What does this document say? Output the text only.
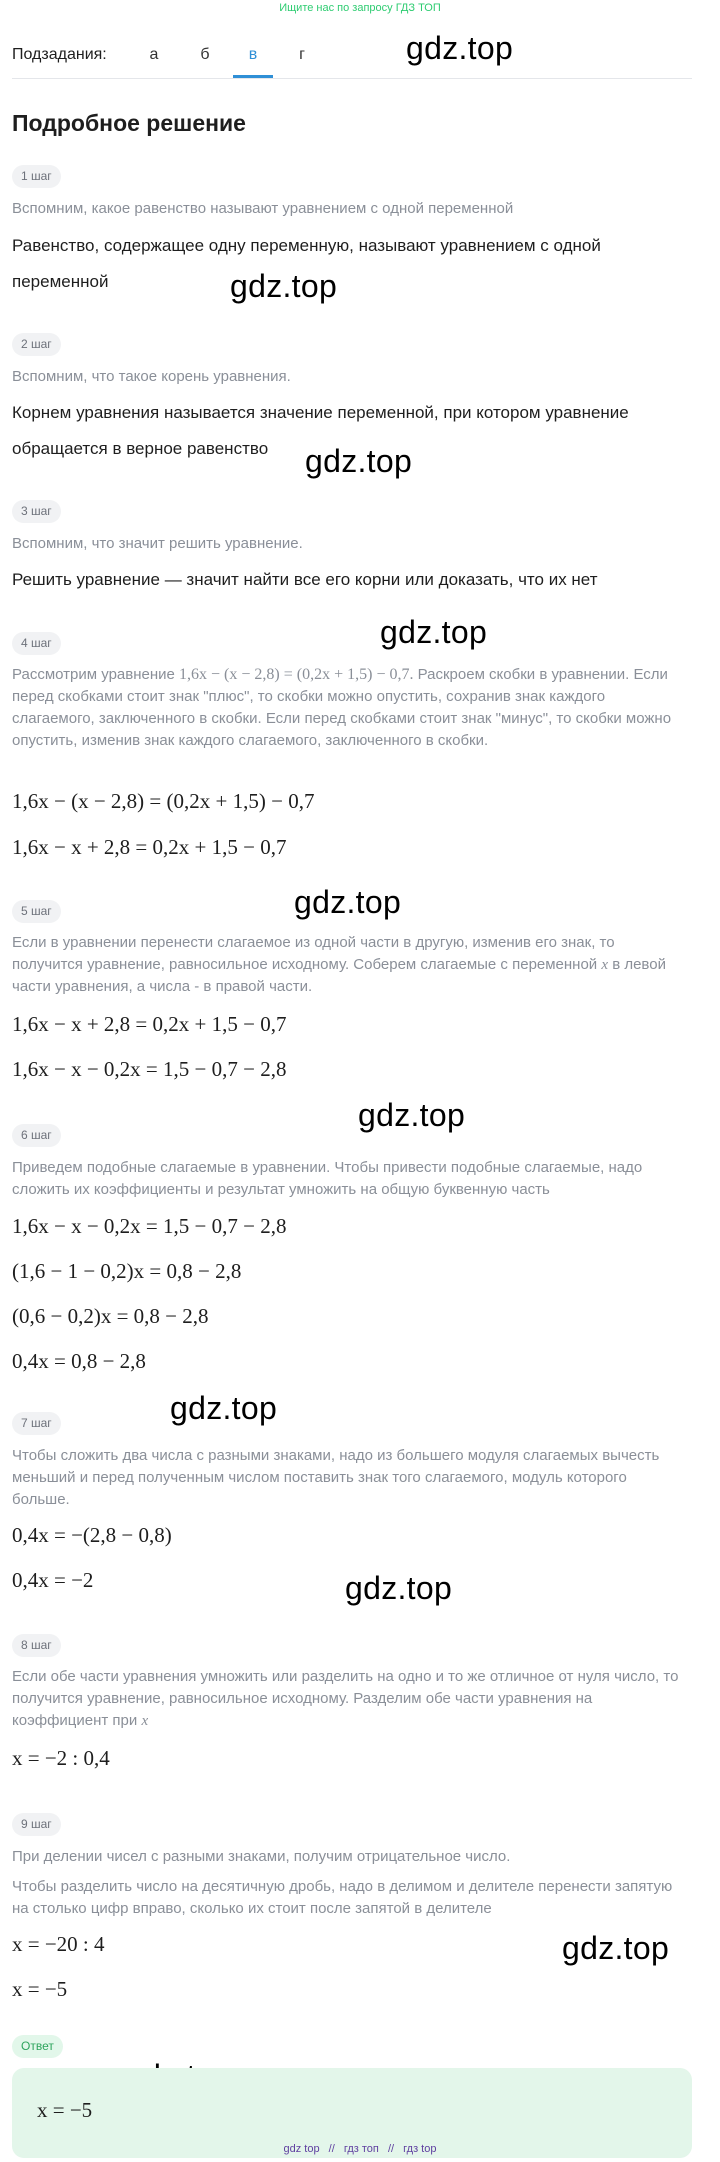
Ищите нас по запросу ГДЗ ТОП
Подзадания:	а	б	в	г	gdz.top
gdz.top
gdz.top
gdz.top
gdz.top
gdz.top
gdz.top
gdz.top
gdz.top
Подробное решение
1 шаг
Вспомним, какое равенство называют уравнением с одной переменной
Равенство, содержащее одну переменную, называют уравнением с одной переменной
2 шаг
Вспомним, что такое корень уравнения.
Корнем уравнения называется значение переменной, при котором уравнение обращается в верное равенство
3 шаг
Вспомним, что значит решить уравнение.
Решить уравнение — значит найти все его корни или доказать, что их нет
4 шаг
Рассмотрим уравнение 1,6x − (x − 2,8) = (0,2x + 1,5) − 0,7. Раскроем скобки в уравнении. Если перед скобками стоит знак "плюс", то скобки можно опустить, сохранив знак каждого слагаемого, заключенного в скобки. Если перед скобками стоит знак "минус", то скобки можно опустить, изменив знак каждого слагаемого, заключенного в скобки.
1,6x − (x − 2,8) = (0,2x + 1,5) − 0,7
1,6x − x + 2,8 = 0,2x + 1,5 − 0,7
5 шаг
Если в уравнении перенести слагаемое из одной части в другую, изменив его знак, то получится уравнение, равносильное исходному. Соберем слагаемые с переменной x в левой части уравнения, а числа - в правой части.
1,6x − x + 2,8 = 0,2x + 1,5 − 0,7
1,6x − x − 0,2x = 1,5 − 0,7 − 2,8
6 шаг
Приведем подобные слагаемые в уравнении. Чтобы привести подобные слагаемые, надо сложить их коэффициенты и результат умножить на общую буквенную часть
1,6x − x − 0,2x = 1,5 − 0,7 − 2,8
(1,6 − 1 − 0,2)x = 0,8 − 2,8
(0,6 − 0,2)x = 0,8 − 2,8
0,4x = 0,8 − 2,8
7 шаг
Чтобы сложить два числа с разными знаками, надо из большего модуля слагаемых вычесть меньший и перед полученным числом поставить знак того слагаемого, модуль которого больше.
0,4x = −(2,8 − 0,8)
0,4x = −2
8 шаг
Если обе части уравнения умножить или разделить на одно и то же отличное от нуля число, то получится уравнение, равносильное исходному. Разделим обе части уравнения на коэффициент при x
x = −2 : 0,4
9 шаг
При делении чисел с разными знаками, получим отрицательное число.
Чтобы разделить число на десятичную дробь, надо в делимом и делителе перенести запятую на столько цифр вправо, сколько их стоит после запятой в делителе
x = −20 : 4
x = −5
Ответ
x = −5
gdz top // гдз топ // гдз top
